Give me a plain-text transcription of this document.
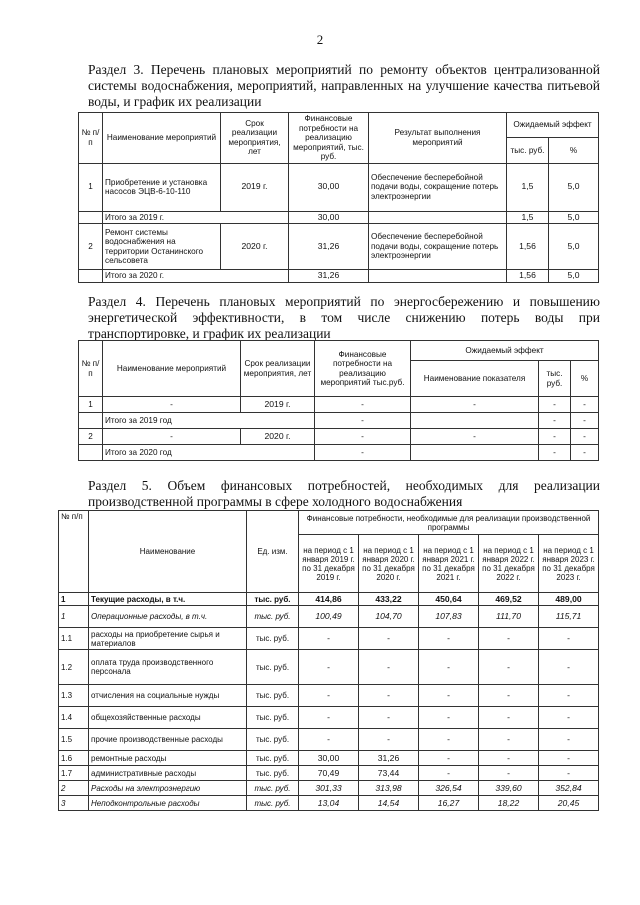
2
Раздел 3. Перечень плановых мероприятий по ремонту объектов централизованной системы водоснабжения, мероприятий, направленных на улучшение качества питьевой воды, и график их реализации
№ п/п	Наименование мероприятий	Срок реализации мероприятия, лет	Финансовые потребности на реализацию мероприятий, тыс. руб.	Результат выполнения мероприятий	Ожидаемый эффект	
					тыс. руб.	%
1	Приобретение и установка насосов ЭЦВ-6-10-110	2019 г.	30,00	Обеспечение бесперебойной подачи воды, сокращение потерь электроэнергии	1,5	5,0
	Итого за 2019 г.		30,00		1,5	5,0
2	Ремонт системы водоснабжения на территории Останинского сельсовета	2020 г.	31,26	Обеспечение бесперебойной подачи воды, сокращение потерь электроэнергии	1,56	5,0
	Итого за 2020 г.		31,26		1,56	5,0
Раздел 4. Перечень плановых мероприятий по энергосбережению и повышению энергетической эффективности, в том числе снижению потерь воды при транспортировке, и график их реализации
№ п/п	Наименование мероприятий	Срок реализации мероприятия, лет	Финансовые потребности на реализацию мероприятий тыс.руб.	Ожидаемый эффект		
				Наименование показателя	тыс. руб.	%
1	-	2019 г.	-	-	-	-
	Итого за 2019 год		-		-	-
2	-	2020 г.	-	-	-	-
	Итого за 2020 год		-		-	-
Раздел 5. Объем финансовых потребностей, необходимых для реализации производственной программы в сфере холодного водоснабжения
№ п/п	Наименование	Ед. изм.	Финансовые потребности, необходимые для реализации производственной программы				
			на период с 1 января 2019 г. по 31 декабря 2019 г.	на период с 1 января 2020 г. по 31 декабря 2020 г.	на период с 1 января 2021 г. по 31 декабря 2021 г.	на период с 1 января 2022 г. по 31 декабря 2022 г.	на период с 1 января 2023 г. по 31 декабря 2023 г.
1	Текущие расходы, в т.ч.	тыс. руб.	414,86	433,22	450,64	469,52	489,00
1	Операционные расходы, в т.ч.	тыс. руб.	100,49	104,70	107,83	111,70	115,71
1.1	расходы на приобретение сырья и материалов	тыс. руб.	-	-	-	-	-
1.2	оплата труда производственного персонала	тыс. руб.	-	-	-	-	-
1.3	отчисления на социальные нужды	тыс. руб.	-	-	-	-	-
1.4	общехозяйственные расходы	тыс. руб.	-	-	-	-	-
1.5	прочие производственные расходы	тыс. руб.	-	-	-	-	-
1.6	ремонтные расходы	тыс. руб.	30,00	31,26	-	-	-
1.7	административные расходы	тыс. руб.	70,49	73,44	-	-	-
2	Расходы на электроэнергию	тыс. руб.	301,33	313,98	326,54	339,60	352,84
3	Неподконтрольные расходы	тыс. руб.	13,04	14,54	16,27	18,22	20,45
